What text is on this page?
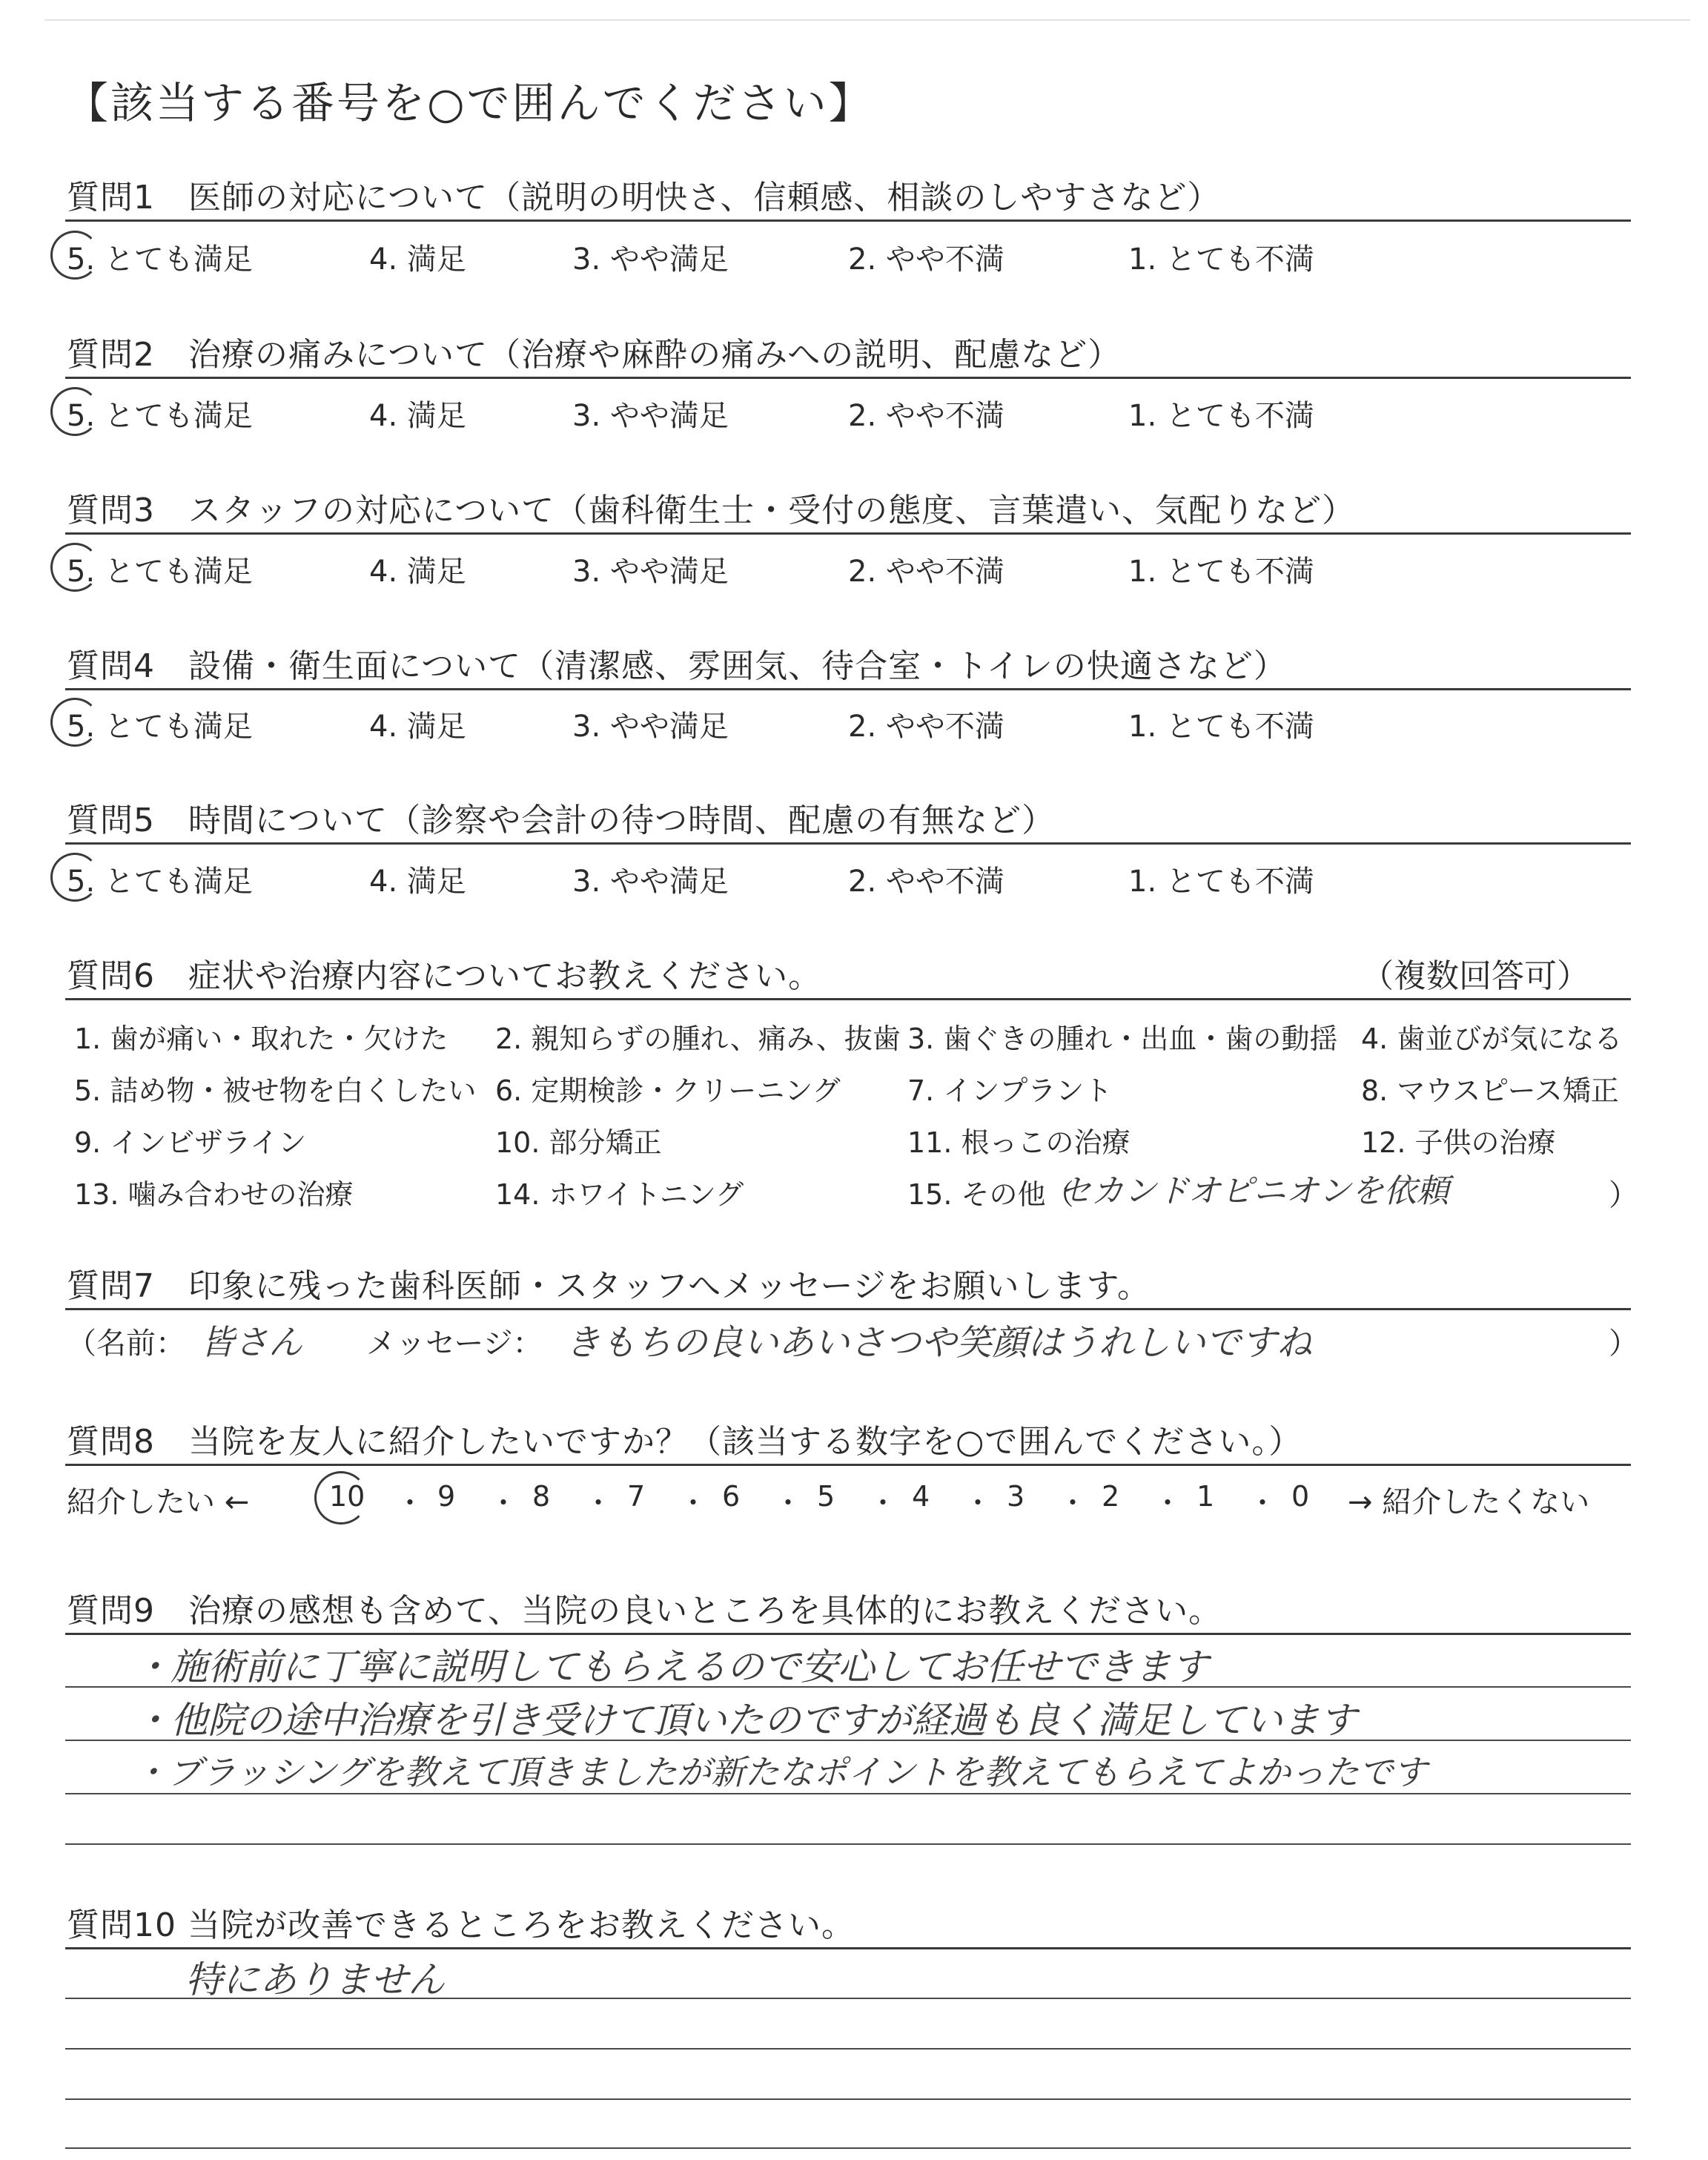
【該当する番号を○で囲んでください】
質問1　医師の対応について（説明の明快さ、信頼感、相談のしやすさなど）
5. とても満足	4. 満足	3. やや満足	2. やや不満	1. とても不満
質問2　治療の痛みについて（治療や麻酔の痛みへの説明、配慮など）
5. とても満足	4. 満足	3. やや満足	2. やや不満	1. とても不満
質問3　スタッフの対応について（歯科衛生士・受付の態度、言葉遣い、気配りなど）
5. とても満足	4. 満足	3. やや満足	2. やや不満	1. とても不満
質問4　設備・衛生面について（清潔感、雰囲気、待合室・トイレの快適さなど）
5. とても満足	4. 満足	3. やや満足	2. やや不満	1. とても不満
質問5　時間について（診察や会計の待つ時間、配慮の有無など）
5. とても満足	4. 満足	3. やや満足	2. やや不満	1. とても不満
質問6　症状や治療内容についてお教えください。	（複数回答可）
1. 歯が痛い・取れた・欠けた 2. 親知らずの腫れ、痛み、抜歯 3. 歯ぐきの腫れ・出血・歯の動揺 4. 歯並びが気になる
5. 詰め物・被せ物を白くしたい 6. 定期検診・クリーニング 7. インプラント	8. マウスピース矯正
9. インビザライン	10. 部分矯正	11. 根っこの治療	12. 子供の治療
13. 噛み合わせの治療	14. ホワイトニング	15. その他（
セカンドオピニオンを依頼	）
質問7　印象に残った歯科医師・スタッフへメッセージをお願いします。
（名前： 皆さん メッセージ： きもちの良いあいさつや笑顔はうれしいですね	）
質問8　当院を友人に紹介したいですか？（該当する数字を○で囲んでください。）
紹介したい ←	10 ・ 9 ・ 8 ・ 7 ・ 6 ・ 5 ・ 4 ・ 3 ・ 2 ・ 1 ・ 0 → 紹介したくない
質問9　治療の感想も含めて、当院の良いところを具体的にお教えください。
・施術前に丁寧に説明してもらえるので安心してお任せできます
・他院の途中治療を引き受けて頂いたのですが経過も良く満足しています
・ブラッシングを教えて頂きましたが新たなポイントを教えてもらえてよかったです
質問10 当院が改善できるところをお教えください。
特にありません
